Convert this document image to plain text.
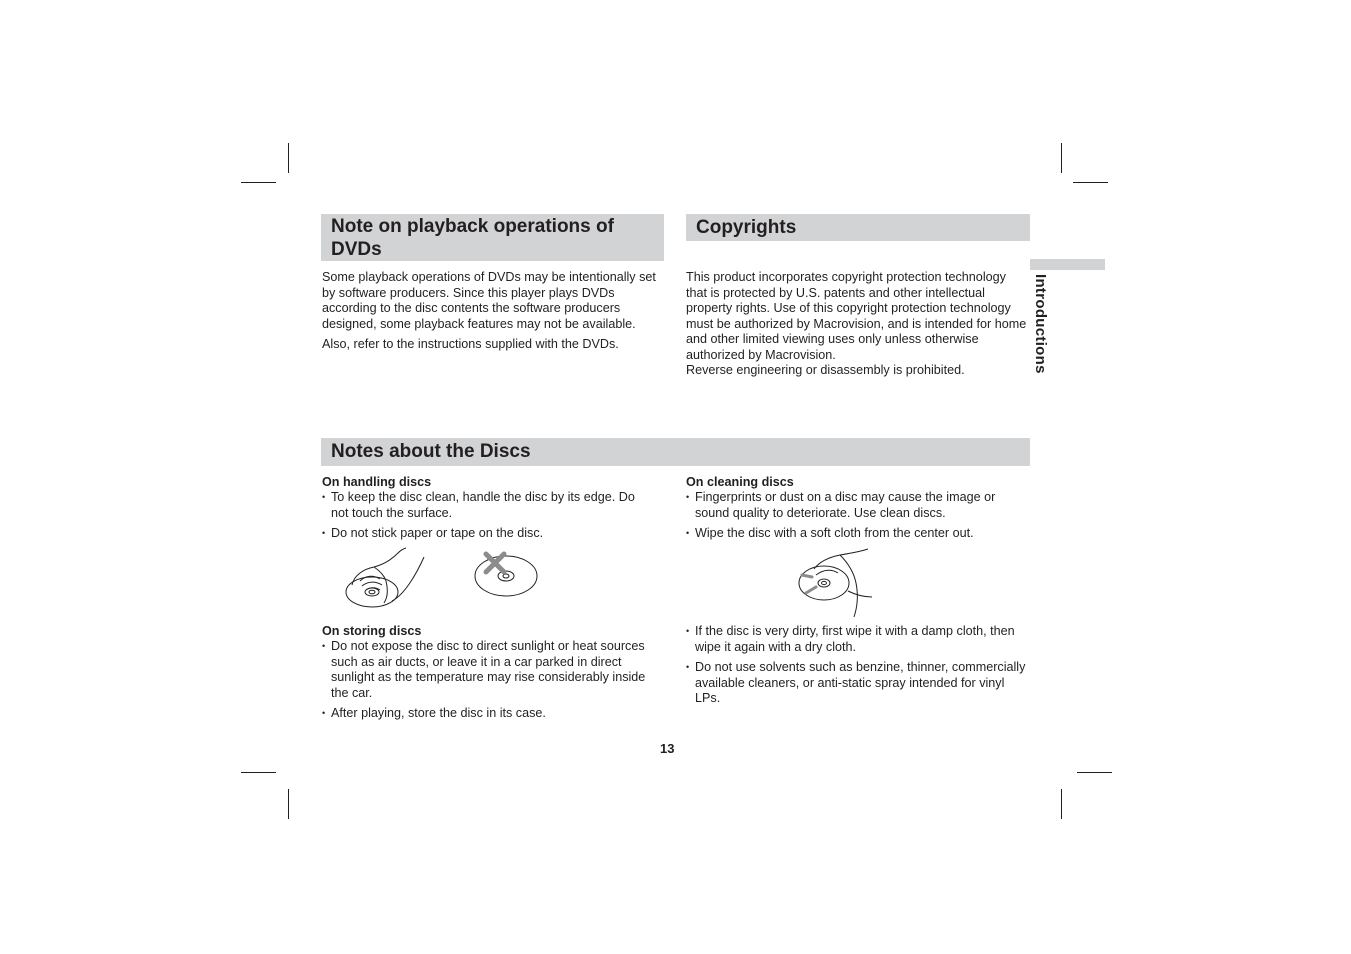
Introductions
Note on playback operations of DVDs

Some playback operations of DVDs may be intentionally set by software producers. Since this player plays DVDs according to the disc contents the software producers designed, some playback features may not be available.

Also, refer to the instructions supplied with the DVDs.

Copyrights
This product incorporates copyright protection technology that is protected by U.S. patents and other intellectual property rights. Use of this copyright protection technology must be authorized by Macrovision, and is intended for home and other limited viewing uses only unless otherwise authorized by Macrovision.
Reverse engineering or disassembly is prohibited.
Notes about the Discs
On handling discs
• To keep the disc clean, handle the disc by its edge. Do not touch the surface.
• Do not stick paper or tape on the disc.
On storing discs
• Do not expose the disc to direct sunlight or heat sources such as air ducts, or leave it in a car parked in direct sunlight as the temperature may rise considerably inside the car.
• After playing, store the disc in its case.
On cleaning discs
• Fingerprints or dust on a disc may cause the image or sound quality to deteriorate. Use clean discs.
• Wipe the disc with a soft cloth from the center out.
• If the disc is very dirty, first wipe it with a damp cloth, then wipe it again with a dry cloth.
• Do not use solvents such as benzine, thinner, commercially available cleaners, or anti-static spray intended for vinyl LPs.
13
